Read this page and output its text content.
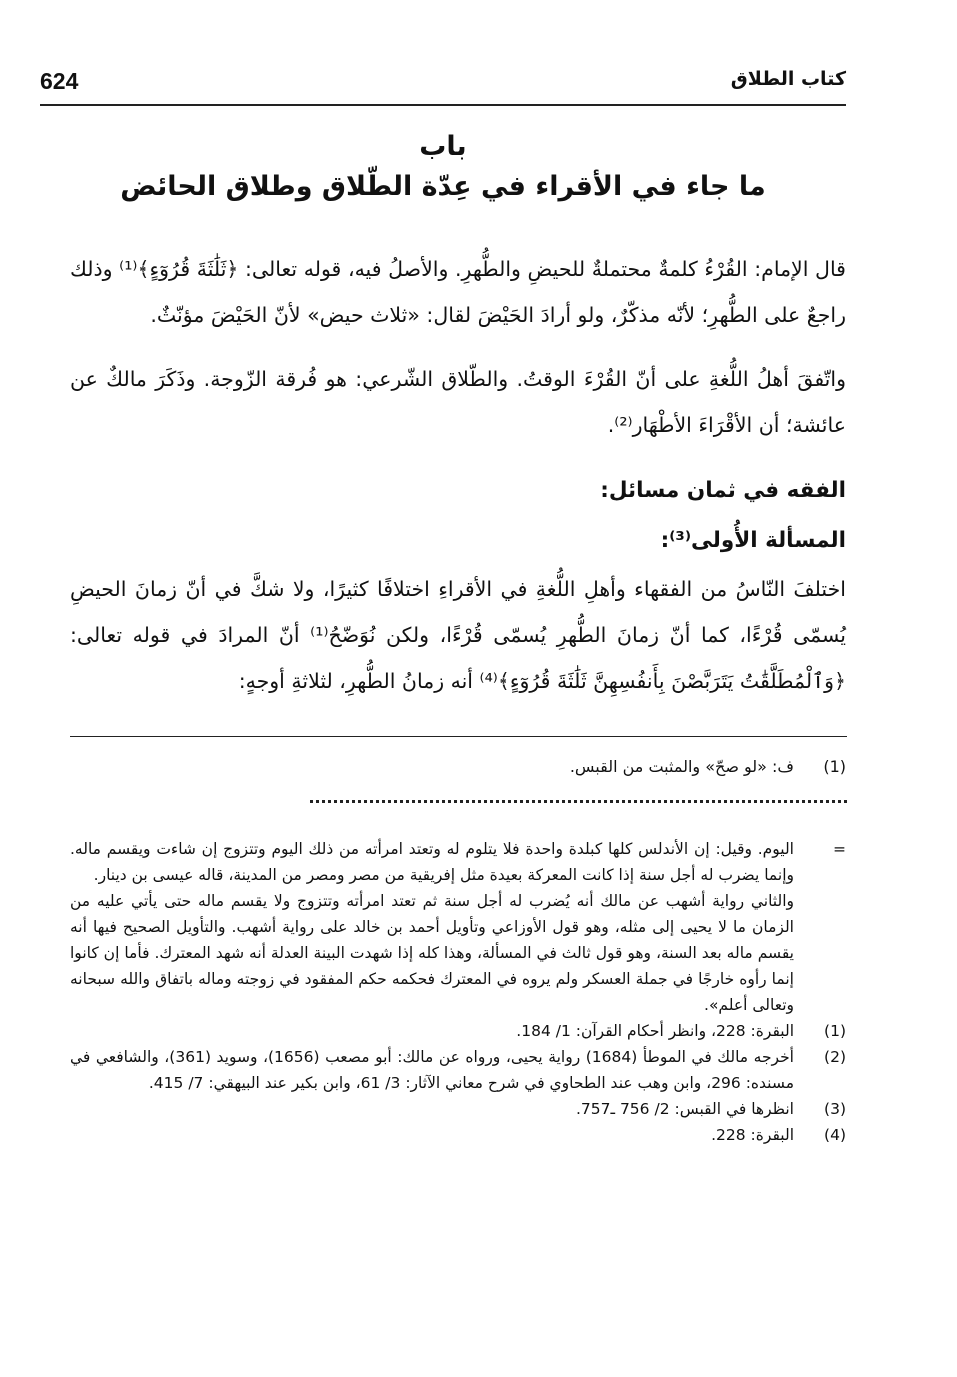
624	كتاب الطلاق
باب
ما جاء في الأقراء في عِدّة الطّلاق وطلاق الحائض

قال الإمام: القُرْءُ كلمةٌ محتملةٌ للحيضِ والطُّهرِ. والأصلُ فيه، قوله تعالى: ﴿ثَلَٰثَةَ قُرُوٓءٍ﴾⁽¹⁾ وذلك راجعٌ على الطُّهرِ؛ لأنّه مذكّرٌ، ولو أرادَ الحَيْضَ لقال: «ثلاث حيض» لأنّ الحَيْضَ مؤنّثٌ.

واتّفقَ أهلُ اللُّغةِ على أنّ القُرْءَ الوقتُ. والطّلاق الشّرعي: هو فُرقة الزّوجة. وذَكَرَ مالكٌ عن عائشة؛ أن الأقْرَاءَ الأطْهَار⁽²⁾.

الفقه في ثمان مسائل:
المسألة الأُولى⁽³⁾:

اختلفَ النّاسُ من الفقهاء وأهلِ اللُّغةِ في الأقراءِ اختلافًا كثيرًا، ولا شكَّ في أنّ زمانَ الحيضِ يُسمّى قُرْءًا، كما أنّ زمانَ الطُّهرِ يُسمّى قُرْءًا، ولكن نُوَضّحُ⁽¹⁾ أنّ المرادَ في قوله تعالى: ﴿وَٱلْمُطَلَّقَٰتُ يَتَرَبَّصْنَ بِأَنفُسِهِنَّ ثَلَٰثَةَ قُرُوٓءٍ﴾⁽⁴⁾ أنه زمانُ الطُّهرِ، لثلاثةِ أوجهٍ:

(1)
ف: «لو صحّ» والمثبت من القبس.
=
اليوم. وقيل: إن الأندلس كلها كبلدة واحدة فلا يتلوم له وتعتد امرأته من ذلك اليوم وتتزوج إن شاءت ويقسم ماله. وإنما يضرب له أجل سنة إذا كانت المعركة بعيدة مثل إفريقية من مصر ومصر من المدينة، قاله عيسى بن دينار.
والثاني رواية أشهب عن مالك أنه يُضرب له أجل سنة ثم تعتد امرأته وتتزوج ولا يقسم ماله حتى يأتي عليه من الزمان ما لا يحيى إلى مثله، وهو قول الأوزاعي وتأويل أحمد بن خالد على رواية أشهب. والتأويل الصحيح فيها أنه يقسم ماله بعد السنة، وهو قول ثالث في المسألة، وهذا كله إذا شهدت البينة العدلة أنه شهد المعترك. فأما إن كانوا إنما رأوه خارجًا في جملة العسكر ولم يروه في المعترك فحكمه حكم المفقود في زوجته وماله باتفاق والله سبحانه وتعالى أعلم».
(1)
البقرة: 228، وانظر أحكام القرآن: 1/ 184.
(2)
أخرجه مالك في الموطأ (1684) رواية يحيى، ورواه عن مالك: أبو مصعب (1656)، وسويد (361)، والشافعي في مسنده: 296، وابن وهب عند الطحاوي في شرح معاني الآثار: 3/ 61، وابن بكير عند البيهقي: 7/ 415.
(3)
انظرها في القبس: 2/ 756 ـ757.
(4)
البقرة: 228.
